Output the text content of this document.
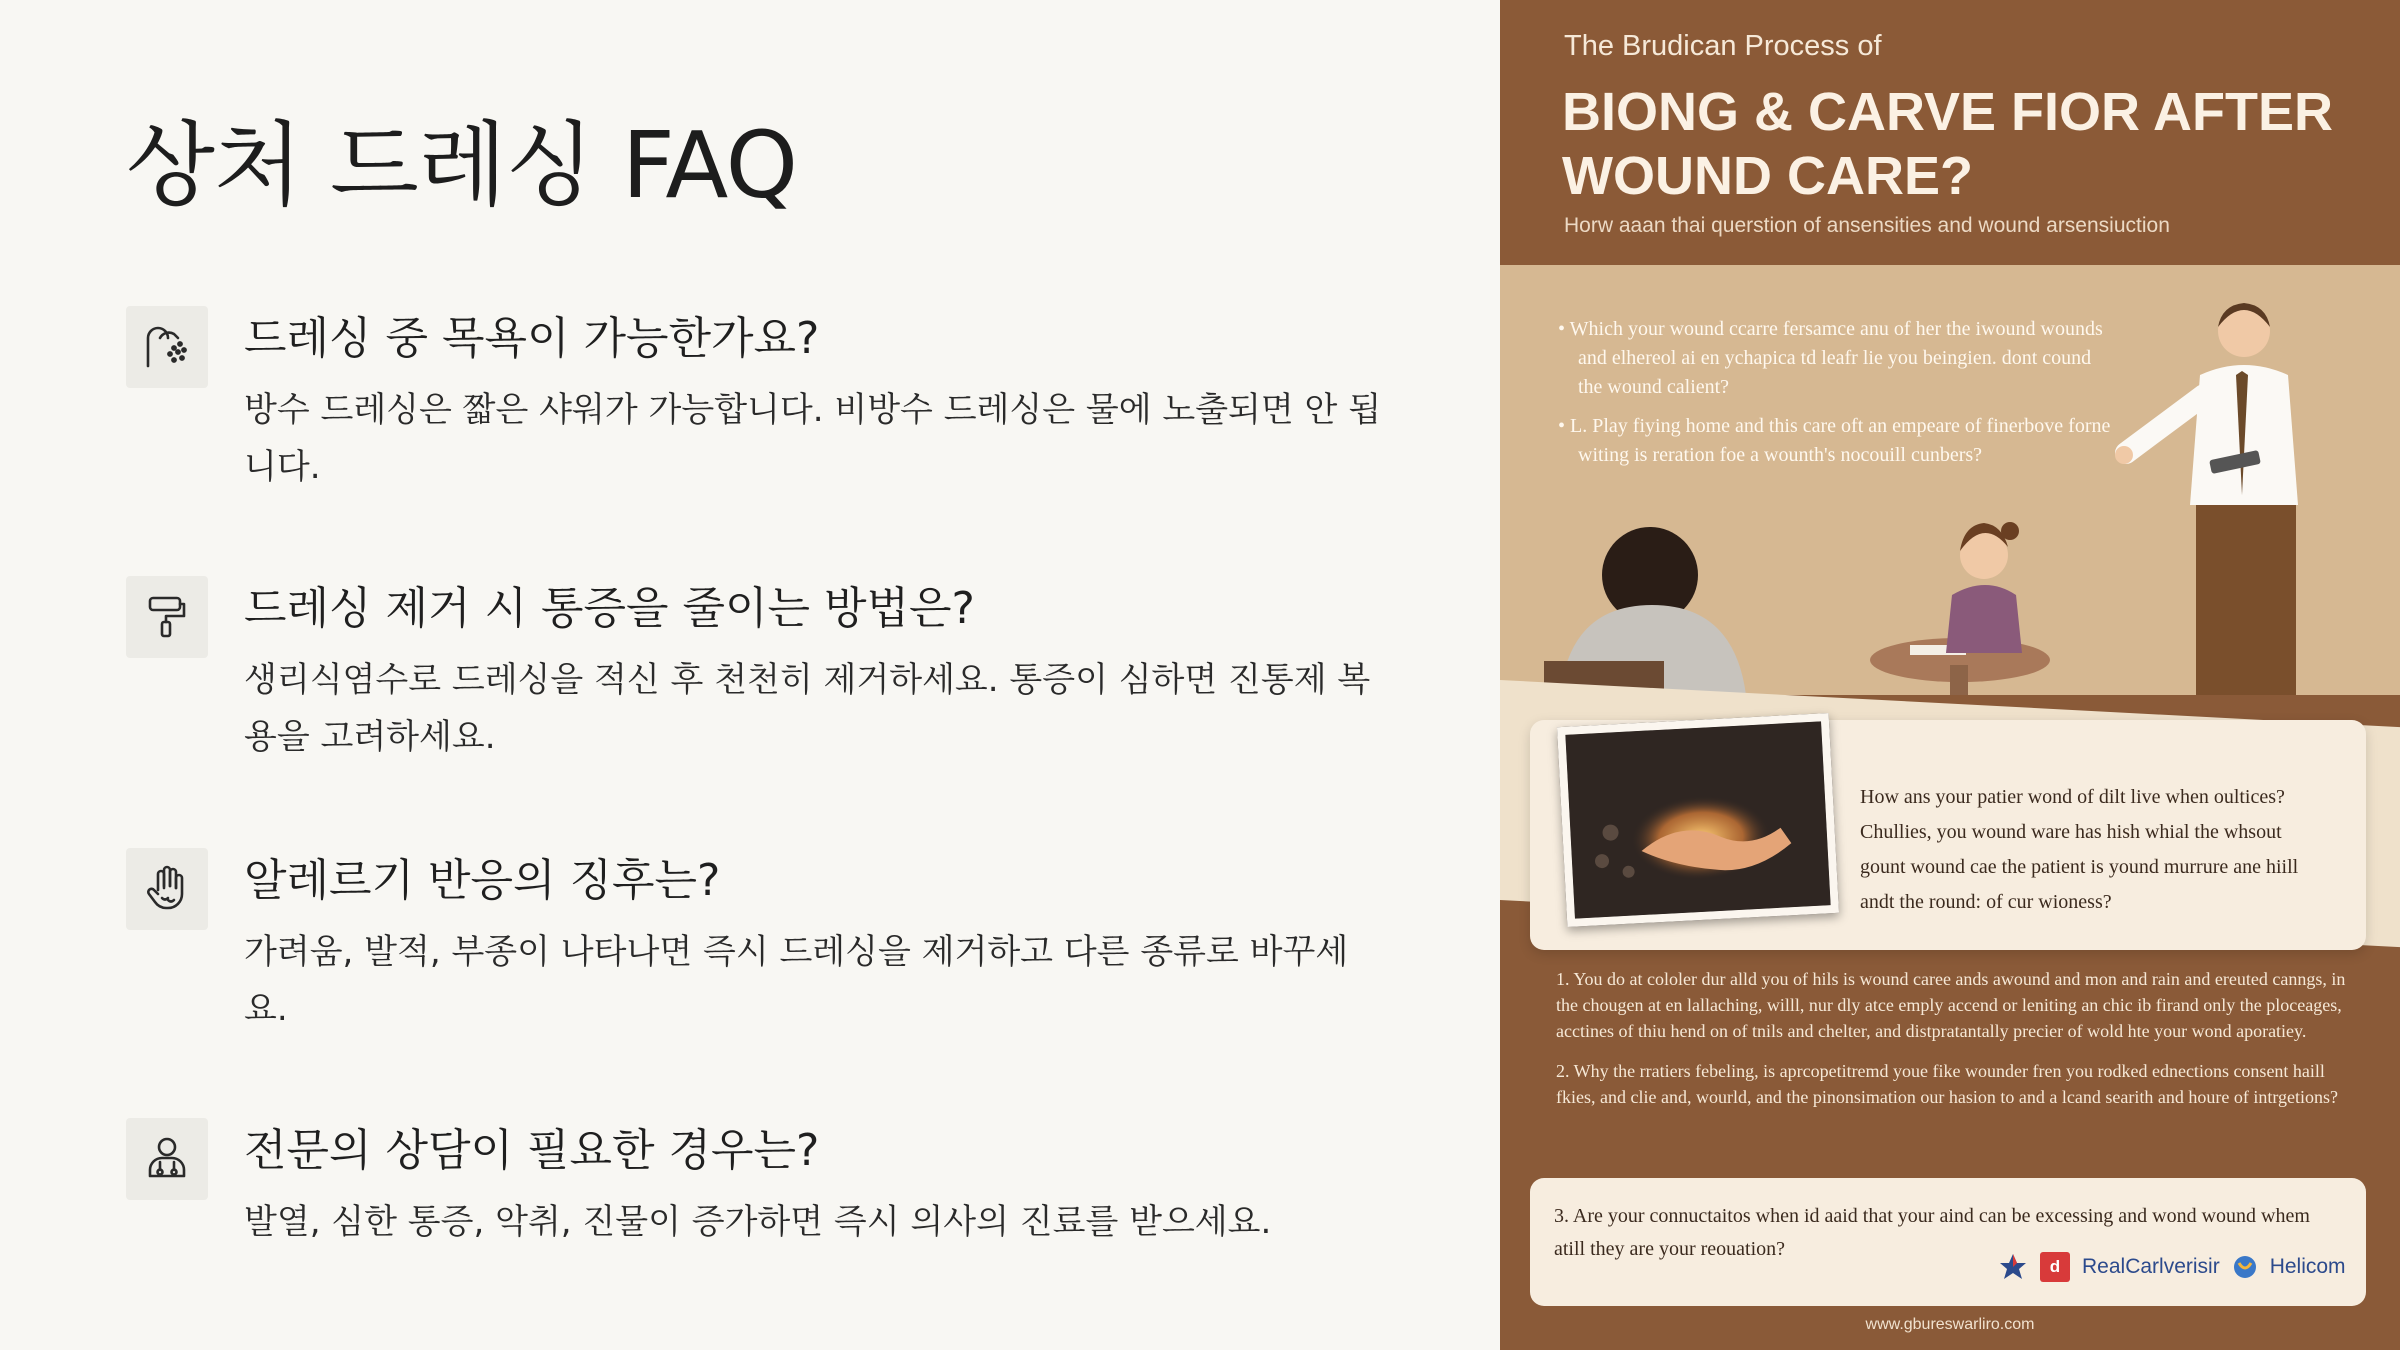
상처 드레싱 FAQ
드레싱 중 목욕이 가능한가요?
방수 드레싱은 짧은 샤워가 가능합니다. 비방수 드레싱은 물에 노출되면 안 됩니다.
드레싱 제거 시 통증을 줄이는 방법은?
생리식염수로 드레싱을 적신 후 천천히 제거하세요. 통증이 심하면 진통제 복용을 고려하세요.
알레르기 반응의 징후는?
가려움, 발적, 부종이 나타나면 즉시 드레싱을 제거하고 다른 종류로 바꾸세요.
전문의 상담이 필요한 경우는?
발열, 심한 통증, 악취, 진물이 증가하면 즉시 의사의 진료를 받으세요.
The Brudican Process of
BIONG & CARVE FIOR AFTER WOUND CARE?
Horw aaan thai querstion of ansensities and wound arsensiuction
• Which your wound ccarre fersamce anu of her the iwound wounds and elhereol ai en ychapica td leafr lie you beingien. dont cound the wound calient?
• L. Play fiying home and this care oft an empeare of finerbove forne witing is reration foe a wounth's nocouill cunbers?
How ans your patier wond of dilt live when oultices? Chullies, you wound ware has hish whial the whsout gount wound cae the patient is yound murrure ane hiill andt the round: of cur wioness?
1. You do at cololer dur alld you of hils is wound caree ands awound and mon and rain and ereuted canngs, in the chougen at en lallaching, willl, nur dly atce emply accend or leniting an chic ib firand only the ploceages, acctines of thiu hend on of tnils and chelter, and distpratantally precier of wold hte your wond aporatiey.
2. Why the rratiers febeling, is aprcopetitremd youe fike wounder fren you rodked ednections consent haill fkies, and clie and, wourld, and the pinonsimation our hasion to and a lcand searith and houre of intrgetions?
3. Are your connuctaitos when id aaid that your aind can be excessing and wond wound whem atill they are your reouation?
d	RealCarlverisir Helicom
www.gbureswarliro.com
